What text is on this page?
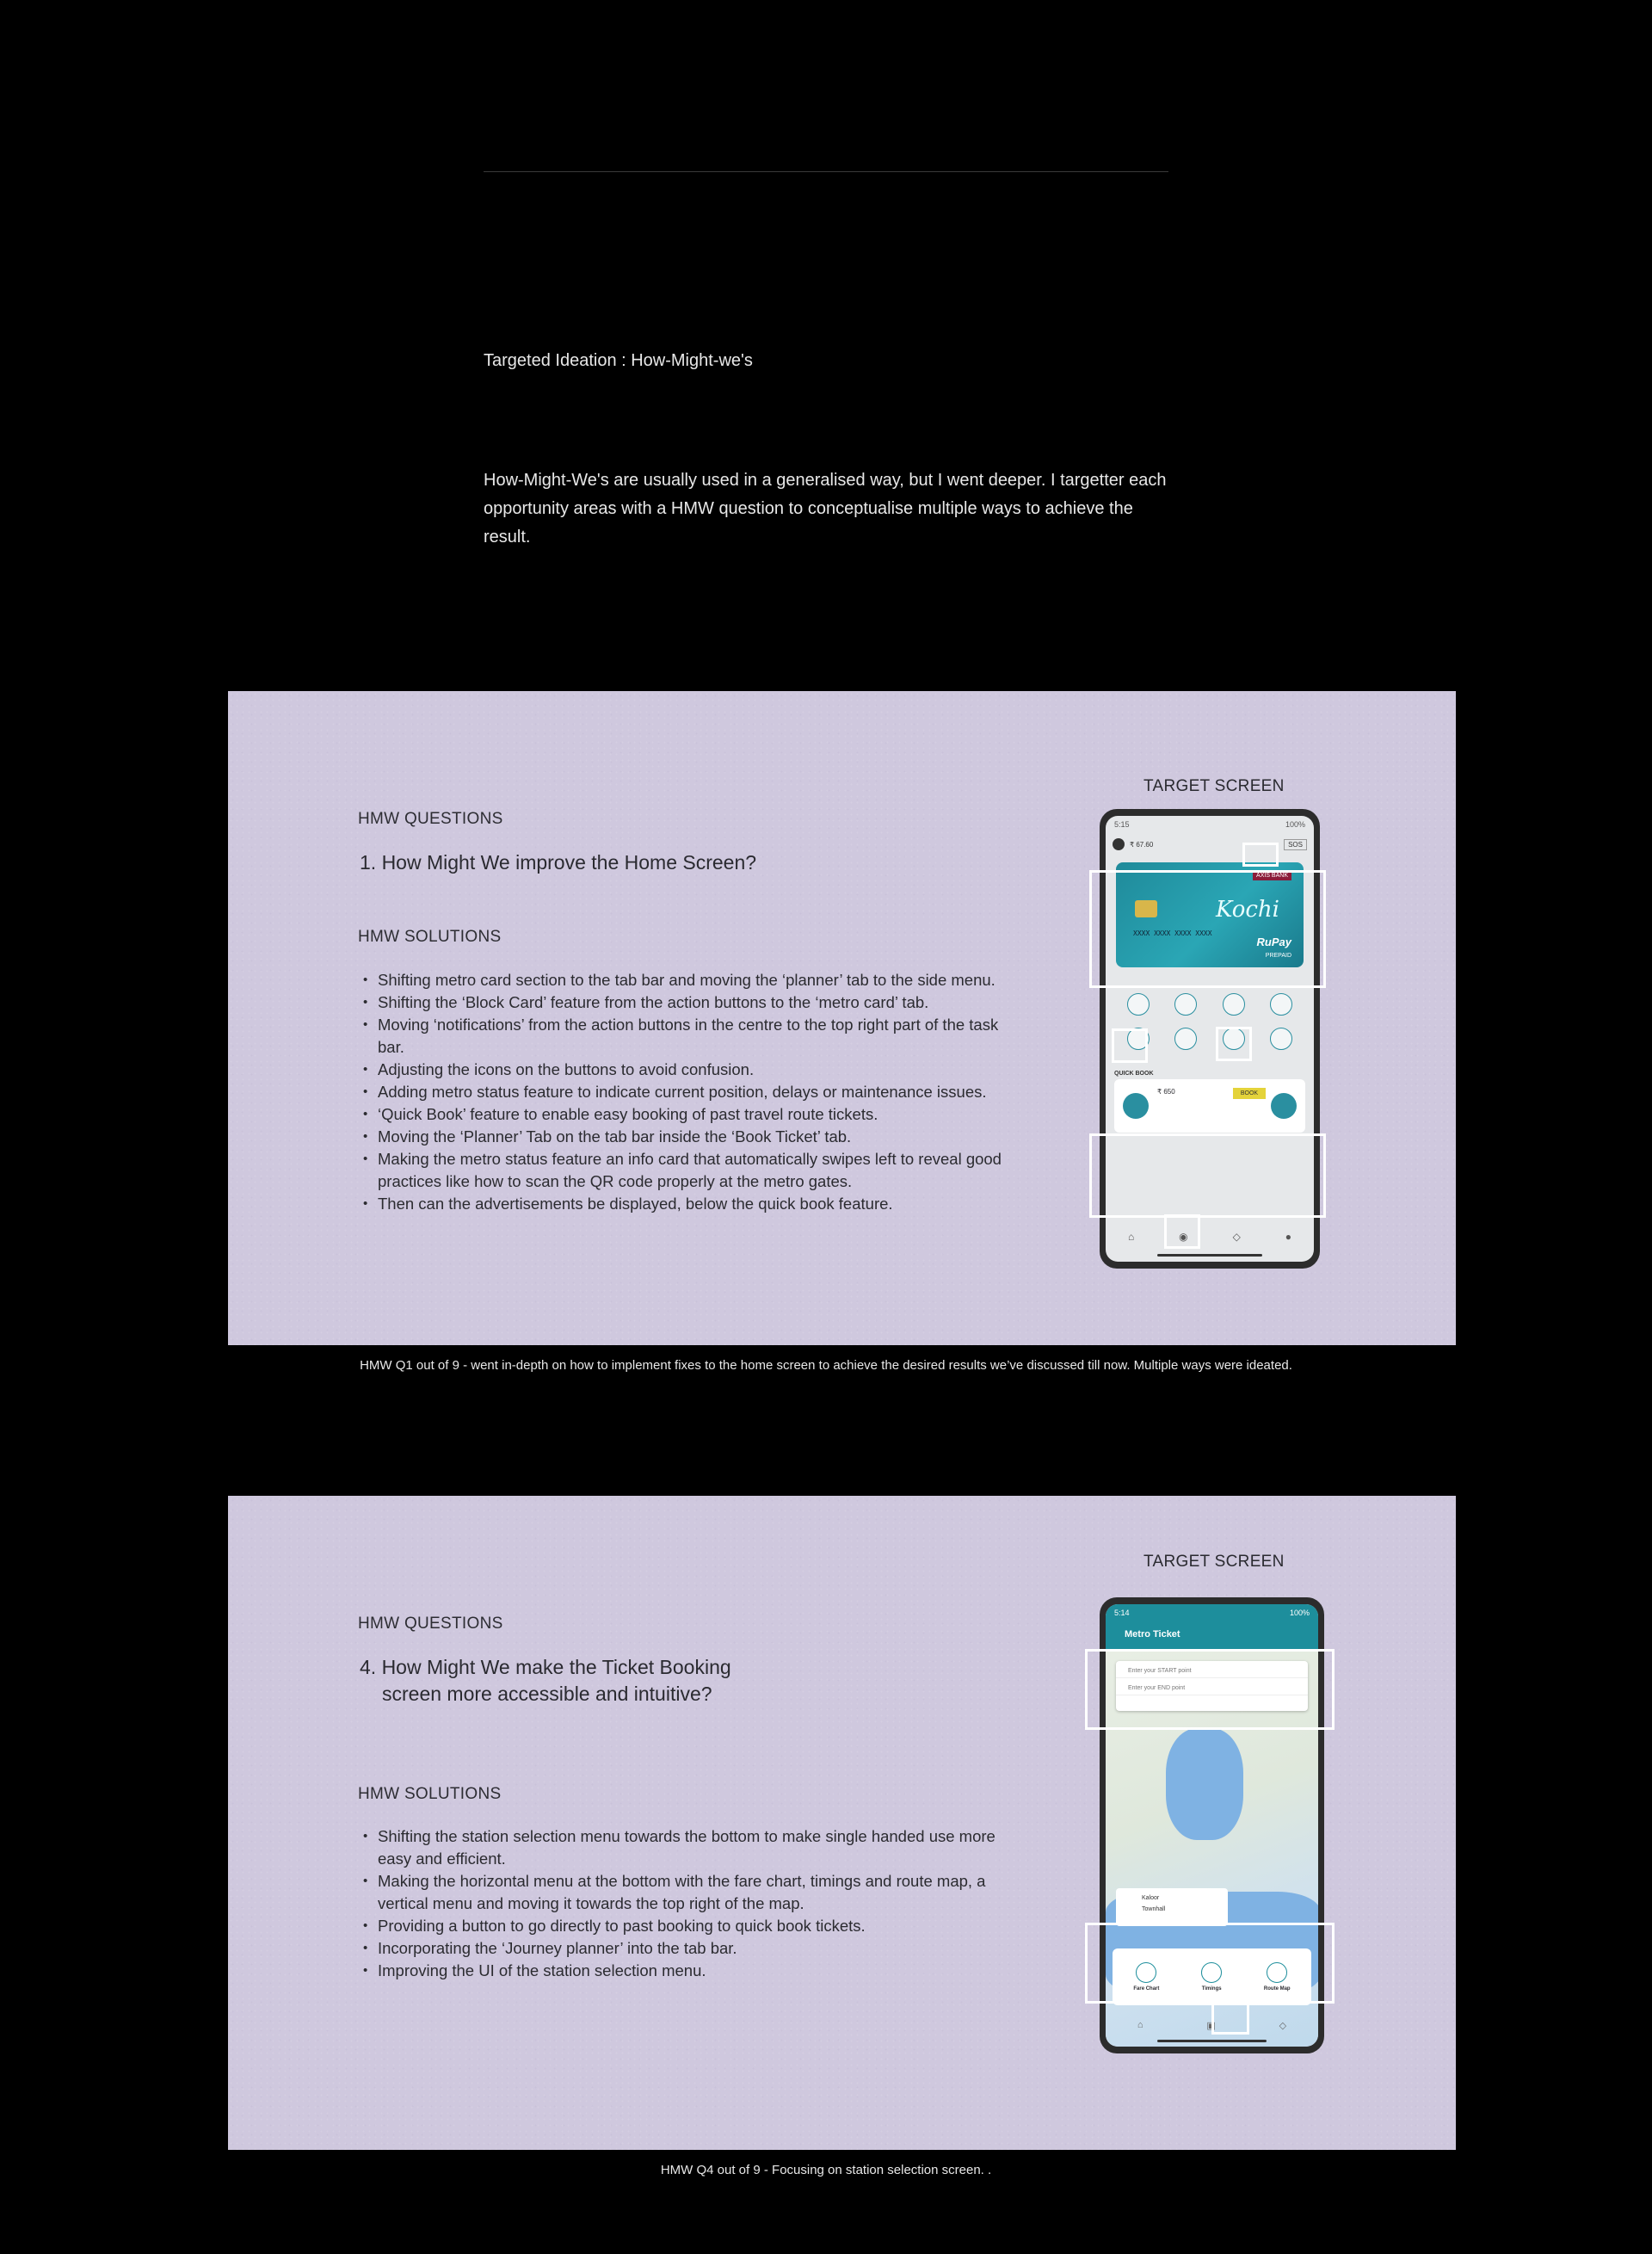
Targeted Ideation : How-Might-we's
How-Might-We's are usually used in a generalised way, but I went deeper. I targetter each opportunity areas with a HMW question to conceptualise multiple ways to achieve the result.
HMW QUESTIONS
1. How Might We improve the Home Screen?
HMW SOLUTIONS
• Shifting metro card section to the tab bar and moving the ‘planner’ tab to the side menu.
• Shifting the ‘Block Card’ feature from the action buttons to the ‘metro card’ tab.
• Moving ‘notifications’ from the action buttons in the centre to the top right part of the task bar.
• Adjusting the icons on the buttons to avoid confusion.
• Adding metro status feature to indicate current position, delays or maintenance issues.
• ‘Quick Book’ feature to enable easy booking of past travel route tickets.
• Moving the ‘Planner’ Tab on the tab bar inside the ‘Book Ticket’ tab.
• Making the metro status feature an info card that automatically swipes left to reveal good practices like how to scan the QR code properly at the metro gates.
• Then can the advertisements be displayed, below the quick book feature.
TARGET SCREEN
5:15	100%
₹ 67.60	SOS
AXIS BANK
Kochi
XXXX XXXX XXXX XXXX
RuPay
PREPAID
QUICK BOOK
₹ 650	BOOK
⌂	◉	◇	●
HMW Q1 out of 9 - went in-depth on how to implement fixes to the home screen to achieve the desired results we’ve discussed till now. Multiple ways were ideated.
HMW QUESTIONS
4. How Might We make the Ticket Booking
screen more accessible and intuitive?
HMW SOLUTIONS
• Shifting the station selection menu towards the bottom to make single handed use more easy and efficient.
• Making the horizontal menu at the bottom with the fare chart, timings and route map, a vertical menu and moving it towards the top right of the map.
• Providing a button to go directly to past booking to quick book tickets.
• Incorporating the ‘Journey planner’ into the tab bar.
• Improving the UI of the station selection menu.
TARGET SCREEN
5:14	100%
Metro Ticket
Enter your START point
Enter your END point
Kaloor
Townhall
Fare Chart	Timings	Route Map
⌂	▣	◇
HMW Q4 out of 9 - Focusing on station selection screen. .
